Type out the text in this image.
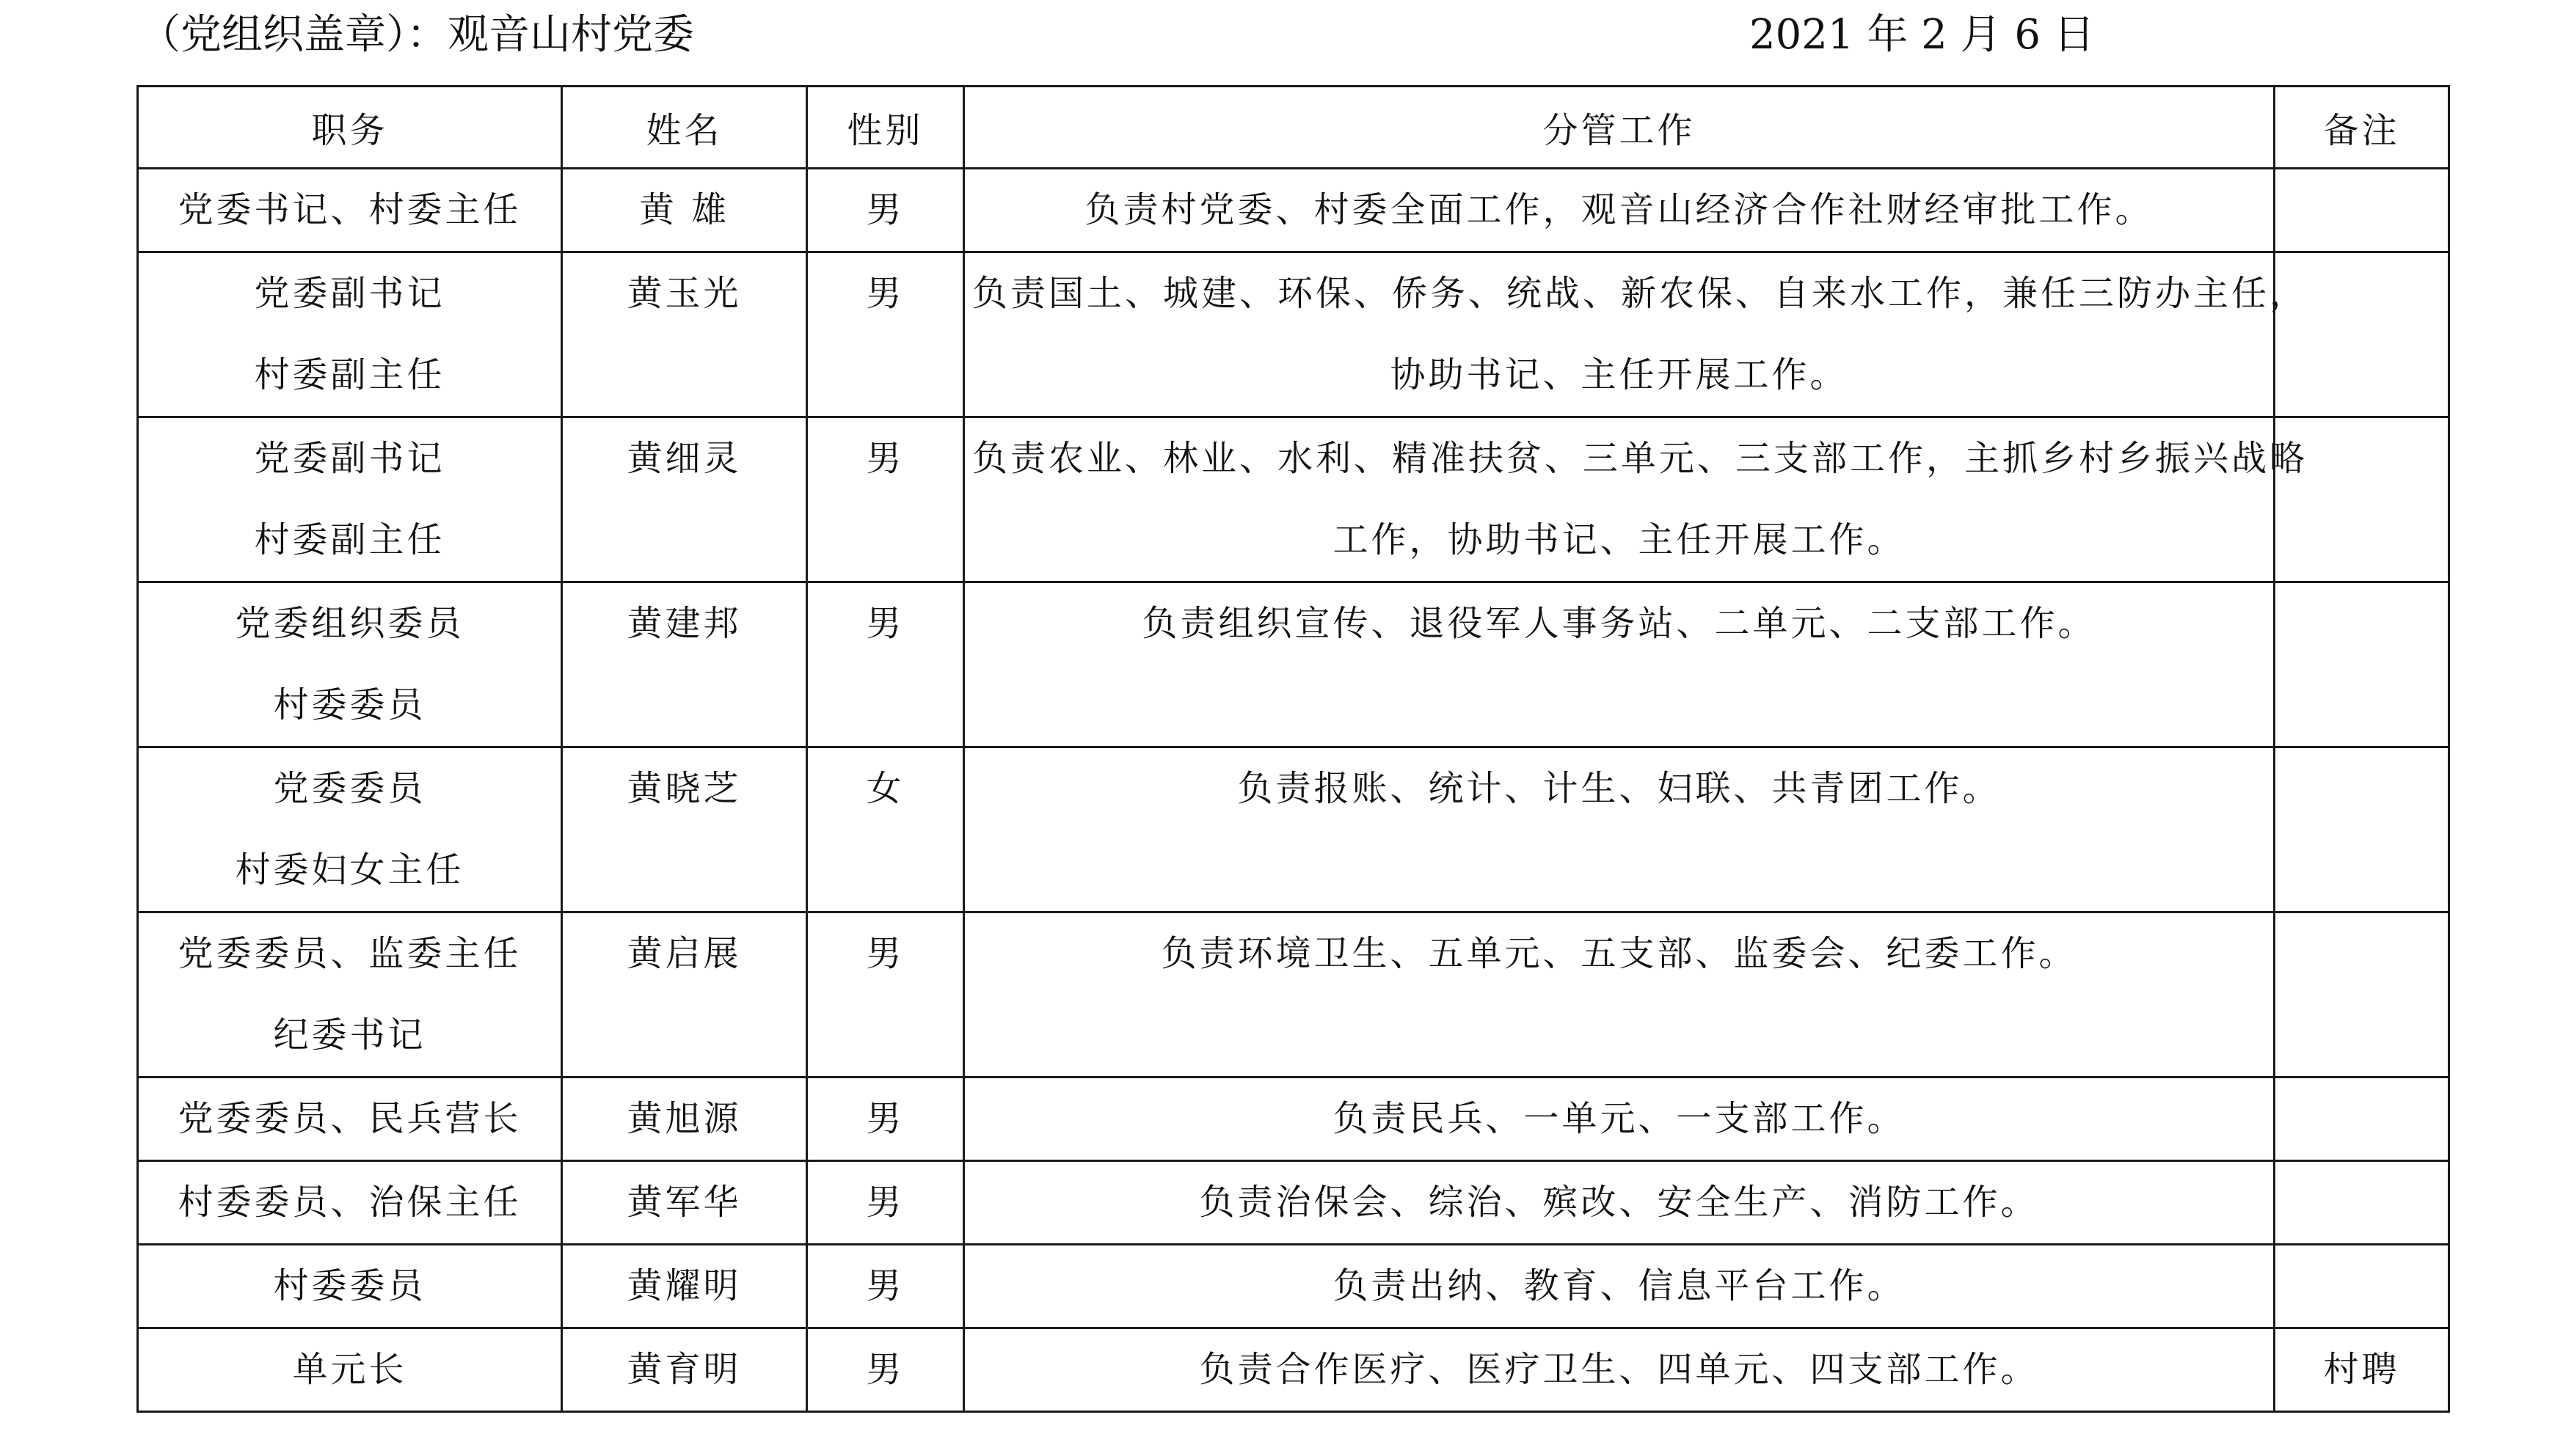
（党组织盖章）：观音山村党委	2021 年 2 月 6 日
职务	姓名	性别	分管工作	备注

党委书记、村委主任	黄 雄	男	负责村党委、村委全面工作，观音山经济合作社财经审批工作。	

党委副书记
村委副主任	黄玉光	男	负责国土、城建、环保、侨务、统战、新农保、自来水工作，兼任三防办主任，
协助书记、主任开展工作。	

党委副书记
村委副主任	黄细灵	男	负责农业、林业、水利、精准扶贫、三单元、三支部工作，主抓乡村乡振兴战略
工作，协助书记、主任开展工作。	

党委组织委员
村委委员	黄建邦	男	负责组织宣传、退役军人事务站、二单元、二支部工作。	

党委委员
村委妇女主任	黄晓芝	女	负责报账、统计、计生、妇联、共青团工作。	

党委委员、监委主任
纪委书记	黄启展	男	负责环境卫生、五单元、五支部、监委会、纪委工作。	

党委委员、民兵营长	黄旭源	男	负责民兵、一单元、一支部工作。	

村委委员、治保主任	黄军华	男	负责治保会、综治、殡改、安全生产、消防工作。	

村委委员	黄耀明	男	负责出纳、教育、信息平台工作。	

单元长	黄育明	男	负责合作医疗、医疗卫生、四单元、四支部工作。	村聘
